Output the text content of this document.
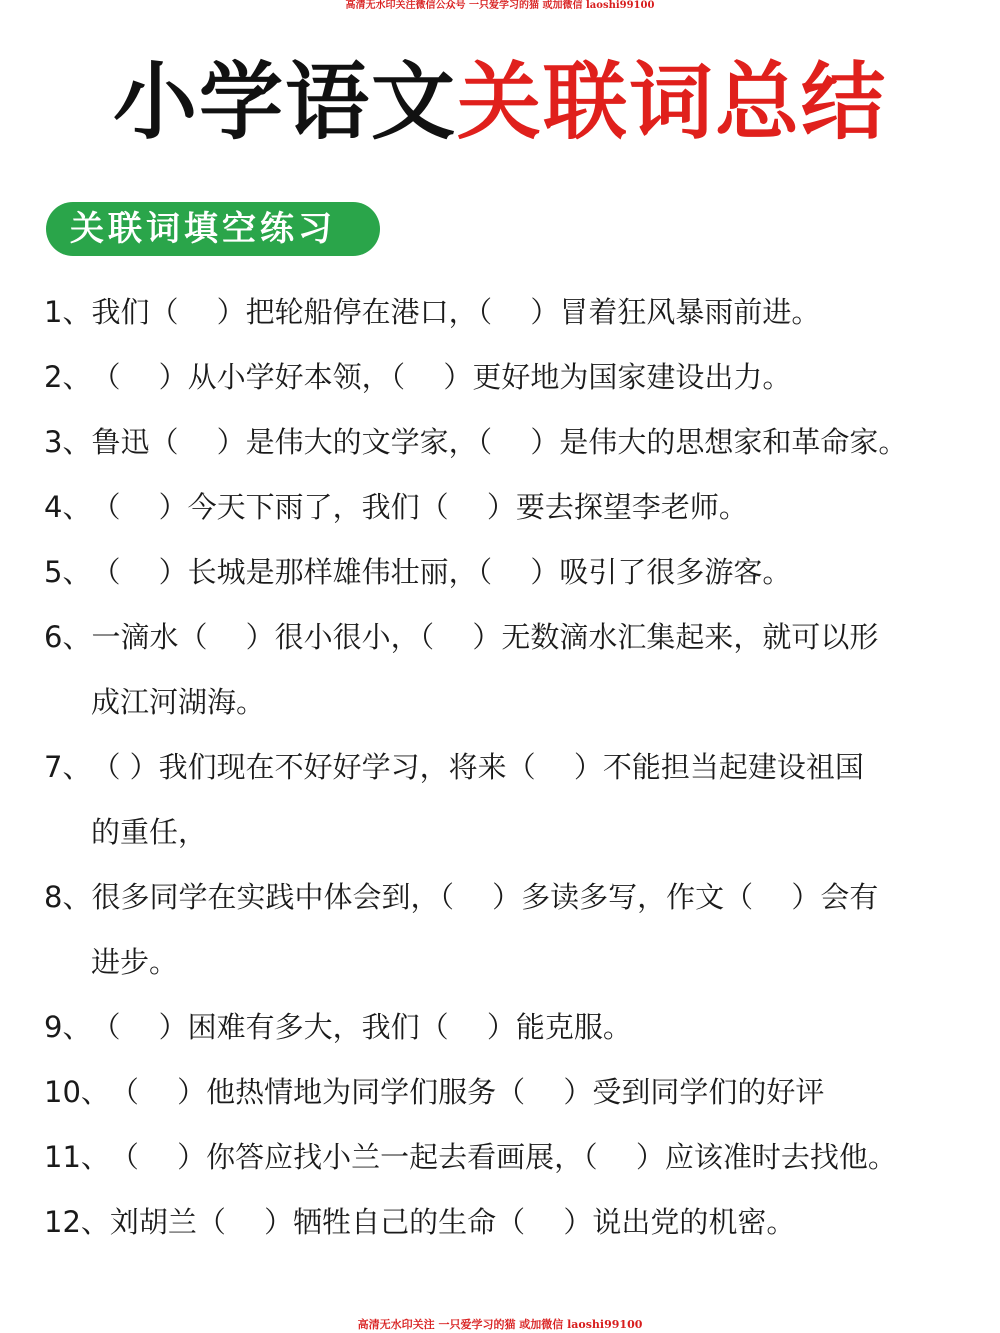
高清无水印关注微信公众号 一只爱学习的猫 或加微信 laoshi99100
小学语文关联词总结
关联词填空练习
1、我们（　 ）把轮船停在港口，（　 ）冒着狂风暴雨前进。
2、（　 ）从小学好本领，（　 ）更好地为国家建设出力。
3、鲁迅（　 ）是伟大的文学家，（　 ）是伟大的思想家和革命家。
4、（　 ）今天下雨了，我们（　 ）要去探望李老师。
5、（　 ）长城是那样雄伟壮丽，（　 ）吸引了很多游客。
6、一滴水（　 ）很小很小，（　 ）无数滴水汇集起来，就可以形
成江河湖海。
7、（ ）我们现在不好好学习，将来（　 ）不能担当起建设祖国
的重任，
8、很多同学在实践中体会到，（　 ）多读多写，作文（　 ）会有
进步。
9、（　 ）困难有多大，我们（　 ）能克服。
10、（　 ）他热情地为同学们服务（　 ）受到同学们的好评
11、（　 ）你答应找小兰一起去看画展，（　 ）应该准时去找他。
12、刘胡兰（　 ）牺牲自己的生命（　 ）说出党的机密。
高清无水印关注 一只爱学习的猫 或加微信 laoshi99100
